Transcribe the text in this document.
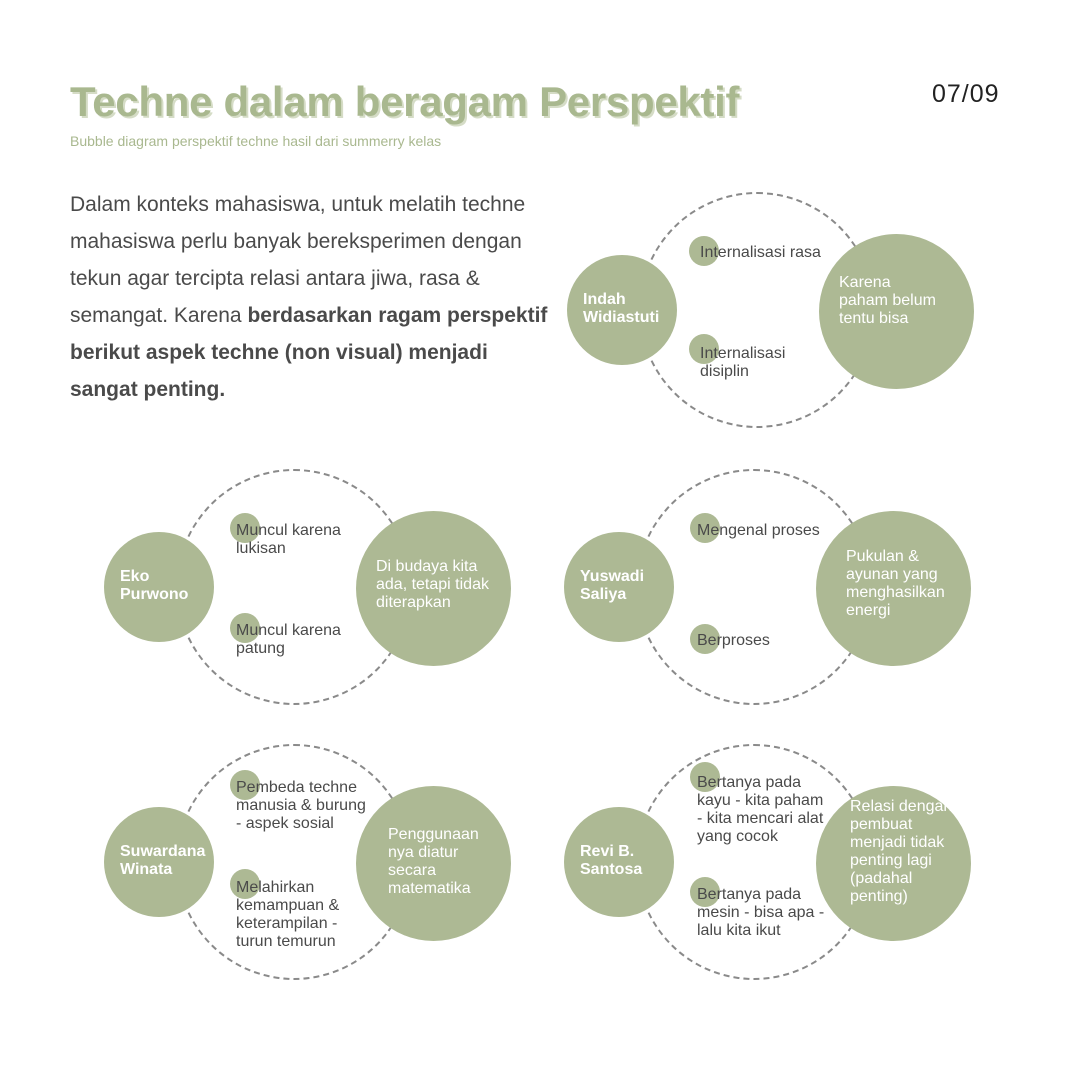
Techne dalam beragam Perspektif

Bubble diagram perspektif techne hasil dari summerry kelas

07/09

Dalam konteks mahasiswa, untuk melatih techne mahasiswa perlu banyak bereksperimen dengan tekun agar tercipta relasi antara jiwa, rasa & semangat. Karena berdasarkan ragam perspektif berikut aspek techne (non visual) menjadi sangat penting.

Indah Widiastuti
Internalisasi rasa
Internalisasi disiplin
Karena paham belum tentu bisa
Eko Purwono
Muncul karena lukisan
Muncul karena patung
Di budaya kita ada, tetapi tidak diterapkan
Yuswadi Saliya
Mengenal proses
Berproses
Pukulan & ayunan yang menghasilkan energi
Suwardana Winata
Pembeda techne manusia & burung - aspek sosial
Melahirkan kemampuan & keterampilan - turun temurun
Penggunaan nya diatur secara matematika
Revi B. Santosa
Bertanya pada kayu - kita paham - kita mencari alat yang cocok
Bertanya pada mesin - bisa apa - lalu kita ikut
Relasi dengan pembuat menjadi tidak penting lagi (padahal penting)
